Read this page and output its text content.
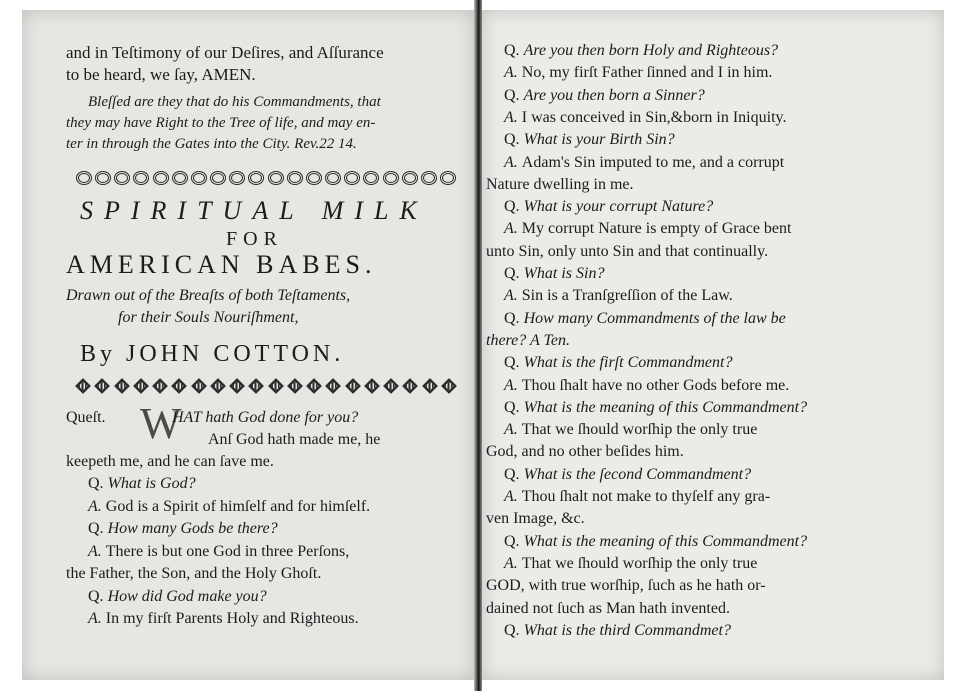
and in Teſtimony of our Deſires, and Aſſurance
to be heard, we ſay, AMEN.
Bleſſed are they that do his Commandments, that
they may have Right to the Tree of life, and may en-
ter in through the Gates into the City. Rev.22 14.
SPIRITUAL MILK
FOR
AMERICAN BABES.
Drawn out of the Breaſts of both Teſtaments,
for their Souls Nouriſhment,
By JOHN COTTON.
Queſt. W
HAT hath God done for you?
Anſ God hath made me, he
keepeth me, and he can ſave me.
Q. What is God?
A. God is a Spirit of himſelf and for himſelf.
Q. How many Gods be there?
A. There is but one God in three Perſons,
the Father, the Son, and the Holy Ghoſt.
Q. How did God make you?
A. In my firſt Parents Holy and Righteous.
Q. Are you then born Holy and Righteous?
A. No, my firſt Father ſinned and I in him.
Q. Are you then born a Sinner?
A. I was conceived in Sin,&born in Iniquity.
Q. What is your Birth Sin?
A. Adam's Sin imputed to me, and a corrupt
Nature dwelling in me.
Q. What is your corrupt Nature?
A. My corrupt Nature is empty of Grace bent
unto Sin, only unto Sin and that continually.
Q. What is Sin?
A. Sin is a Tranſgreſſion of the Law.
Q. How many Commandments of the law be
there? A Ten.
Q. What is the firſt Commandment?
A. Thou ſhalt have no other Gods before me.
Q. What is the meaning of this Commandment?
A. That we ſhould worſhip the only true
God, and no other beſides him.
Q. What is the ſecond Commandment?
A. Thou ſhalt not make to thyſelf any gra-
ven Image, &c.
Q. What is the meaning of this Commandment?
A. That we ſhould worſhip the only true
GOD, with true worſhip, ſuch as he hath or-
dained not ſuch as Man hath invented.
Q. What is the third Commandmet?
